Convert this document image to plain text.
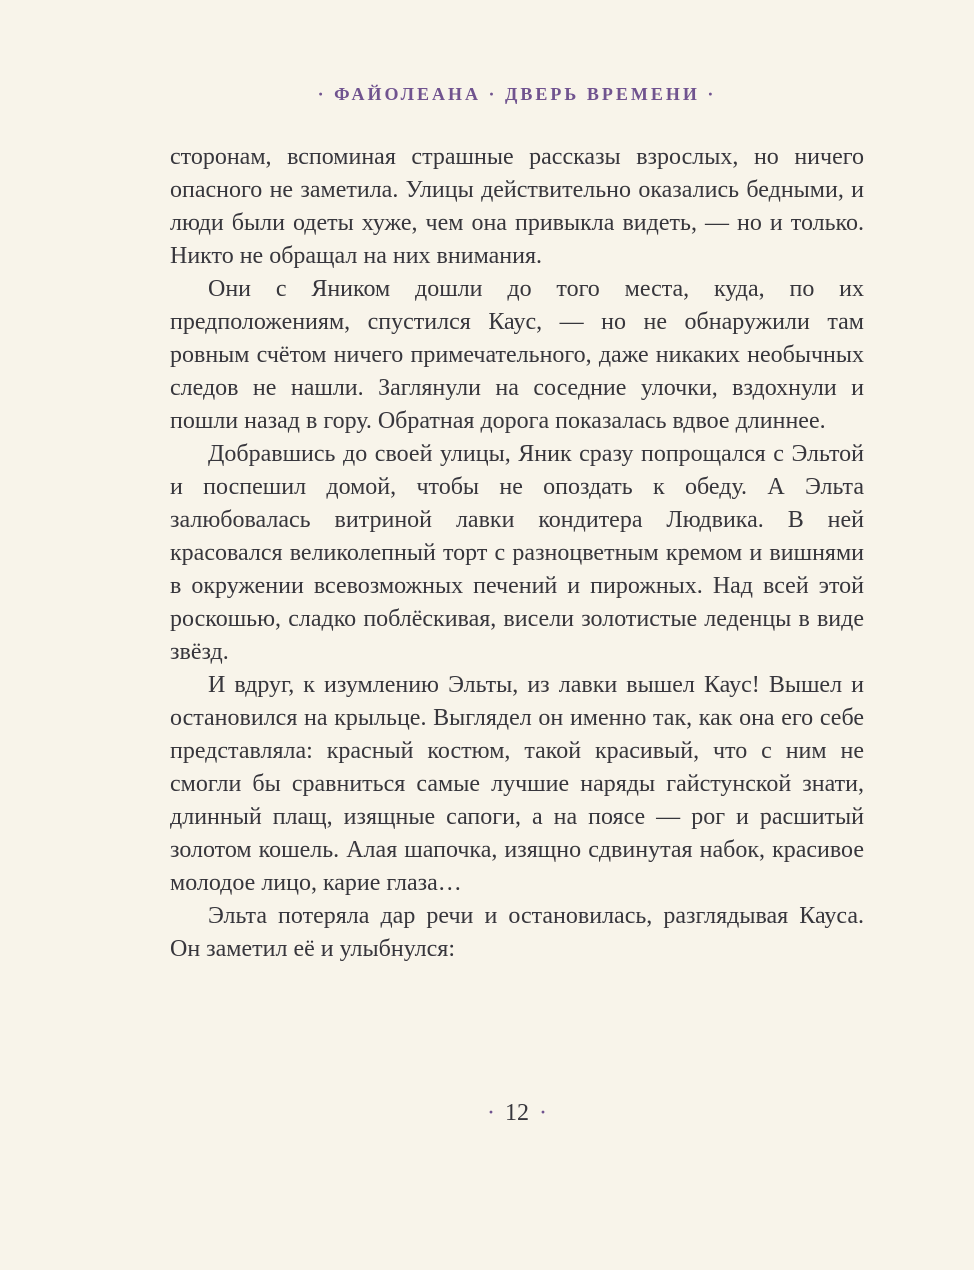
· ФАЙОЛЕАНА · ДВЕРЬ ВРЕМЕНИ ·

сторонам, вспоминая страшные рассказы взрослых, но ничего опасного не заметила. Улицы действительно оказались бедными, и люди были одеты хуже, чем она привыкла видеть, — но и только. Никто не обращал на них внимания.

Они с Яником дошли до того места, куда, по их предположениям, спустился Каус, — но не обнаружили там ровным счётом ничего примечательного, даже никаких необычных следов не нашли. Заглянули на соседние улочки, вздохнули и пошли назад в гору. Обратная дорога показалась вдвое длиннее.

Добравшись до своей улицы, Яник сразу попрощался с Эльтой и поспешил домой, чтобы не опоздать к обеду. А Эльта залюбовалась витриной лавки кондитера Людвика. В ней красовался великолепный торт с разноцветным кремом и вишнями в окружении всевозможных печений и пирожных. Над всей этой роскошью, сладко поблёскивая, висели золотистые леденцы в виде звёзд.

И вдруг, к изумлению Эльты, из лавки вышел Каус! Вышел и остановился на крыльце. Выглядел он именно так, как она его себе представляла: красный костюм, такой красивый, что с ним не смогли бы сравниться самые лучшие наряды гайстунской знати, длинный плащ, изящные сапоги, а на поясе — рог и расшитый золотом кошель. Алая шапочка, изящно сдвинутая набок, красивое молодое лицо, карие глаза…

Эльта потеряла дар речи и остановилась, разглядывая Кауса. Он заметил её и улыбнулся:

· 12 ·
